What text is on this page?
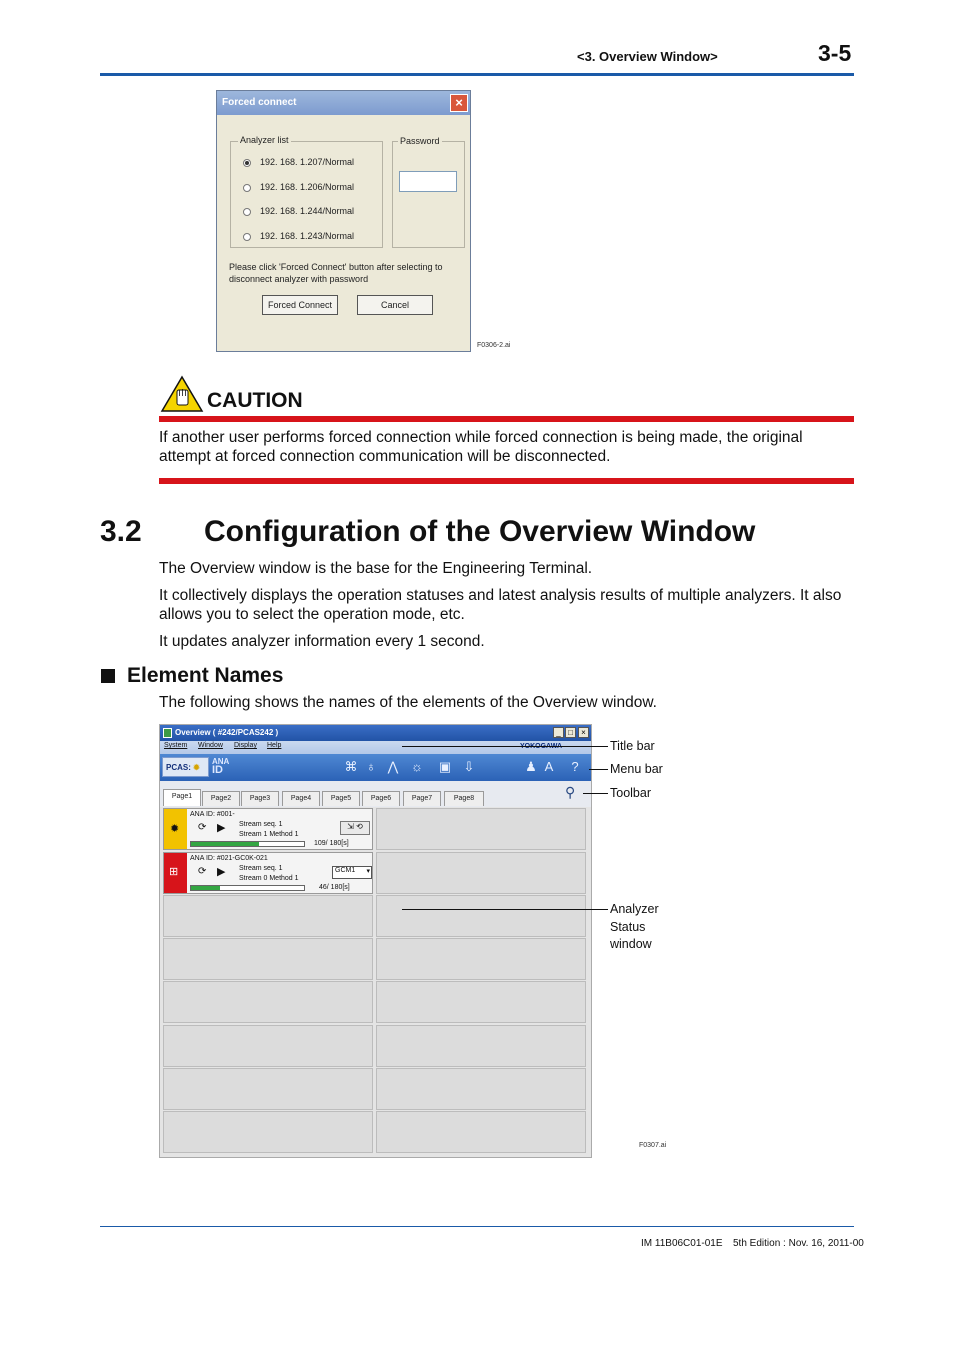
<3. Overview Window>	3-5
Forced connect	×
Analyzer list
192. 168. 1.207/Normal
192. 168. 1.206/Normal
192. 168. 1.244/Normal
192. 168. 1.243/Normal
Password
Please click 'Forced Connect' button after selecting to disconnect analyzer with password
Forced Connect	Cancel
F0306-2.ai
CAUTION
If another user performs forced connection while forced connection is being made, the original attempt at forced connection communication will be disconnected.
3.2 Configuration of the Overview Window
The Overview window is the base for the Engineering Terminal.
It collectively displays the operation statuses and latest analysis results of multiple analyzers. It also allows you to select the operation mode, etc.
It updates analyzer information every 1 second.
Element Names
The following shows the names of the elements of the Overview window.
Overview ( #242/PCAS242 )	_ □	×
System Window Display Help
PCAS: ✹
ANA
ID	⌘ ♁ ⋀ ☼ ▣ ⇩	♟ A	?
Page1	Page2	Page3	Page4	Page5	Page6	Page7	Page8	⚲
✹
ANA ID: #001-
⟳ ▶ Stream seq. 1
Stream 1 Method 1
⇲ ⟲
109/ 180[s]
⊞
ANA ID: #021-GC0K-021
⟳ ▶ Stream seq. 1
Stream 0 Method 1
GCM1 ▾
46/ 180[s]
Title bar
Menu bar
Toolbar
Analyzer
Status
window
F0307.ai
IM 11B06C01-01E 5th Edition : Nov. 16, 2011-00
